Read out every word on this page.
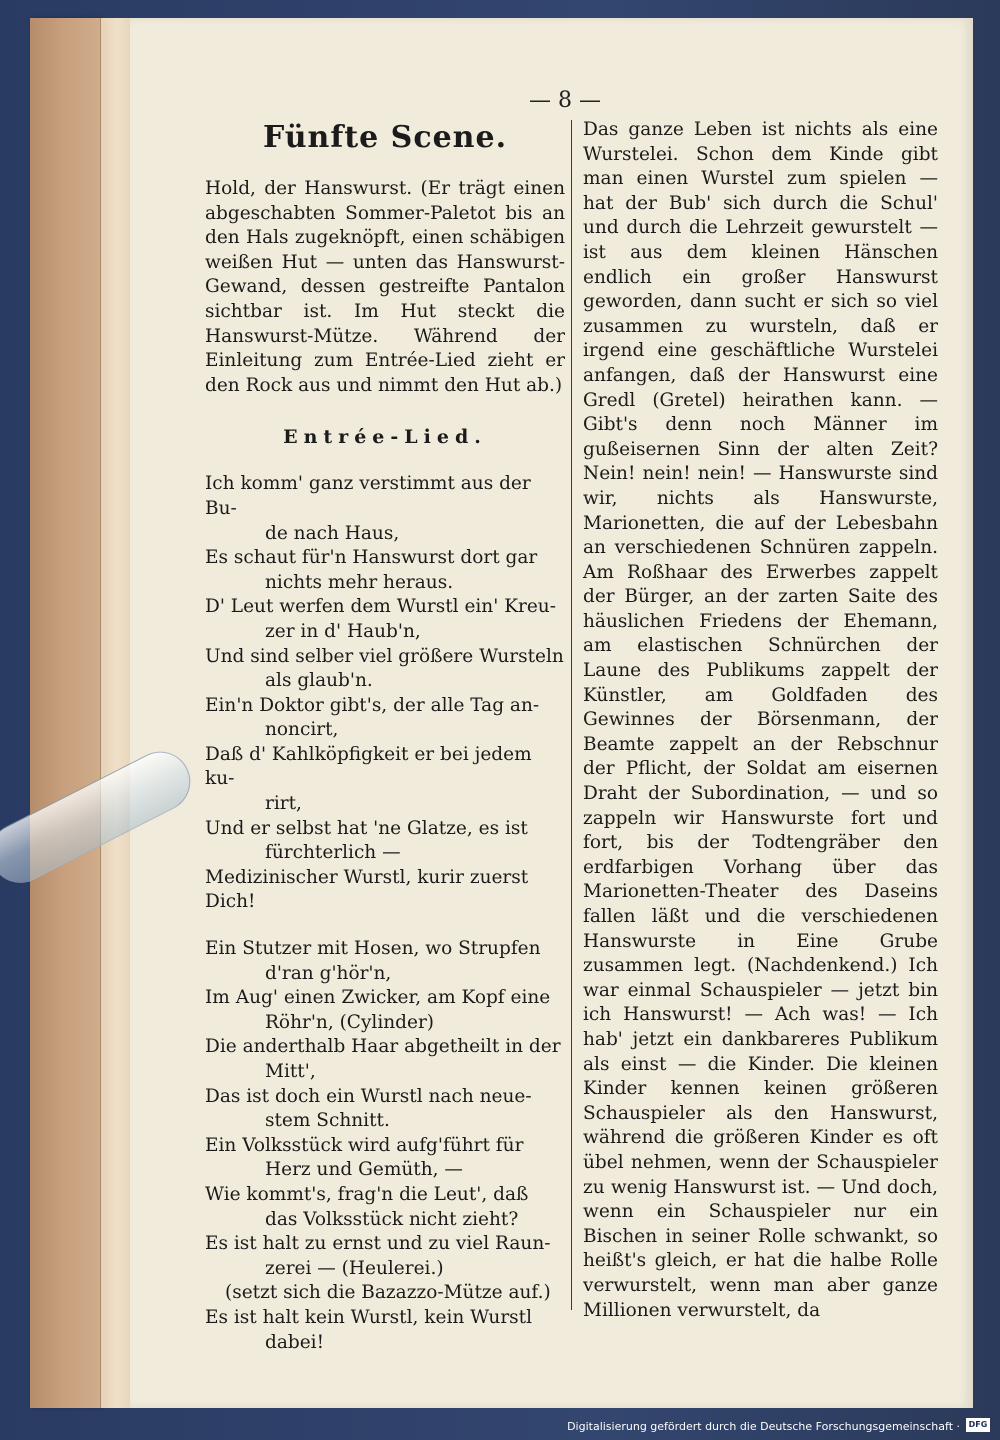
— 8 —
Fünfte Scene.

Hold, der Hanswurst. (Er trägt einen abgeschabten Sommer-Paletot bis an den Hals zugeknöpft, einen schäbigen weißen Hut — unten das Hanswurst-Gewand, dessen gestreifte Pantalon sichtbar ist. Im Hut steckt die Hanswurst-Mütze. Während der Einleitung zum Entrée-Lied zieht er den Rock aus und nimmt den Hut ab.)

Entrée-Lied.

Ich komm' ganz verstimmt aus der Bu-

de nach Haus,

Es schaut für'n Hanswurst dort gar

nichts mehr heraus.

D' Leut werfen dem Wurstl ein' Kreu-

zer in d' Haub'n,

Und sind selber viel größere Wursteln

als glaub'n.

Ein'n Doktor gibt's, der alle Tag an-

noncirt,

Daß d' Kahlköpfigkeit er bei jedem ku-

rirt,

Und er selbst hat 'ne Glatze, es ist

fürchterlich —

Medizinischer Wurstl, kurir zuerst Dich!

Ein Stutzer mit Hosen, wo Strupfen

d'ran g'hör'n,

Im Aug' einen Zwicker, am Kopf eine

Röhr'n, (Cylinder)

Die anderthalb Haar abgetheilt in der

Mitt',

Das ist doch ein Wurstl nach neue-

stem Schnitt.

Ein Volksstück wird aufg'führt für

Herz und Gemüth, —

Wie kommt's, frag'n die Leut', daß

das Volksstück nicht zieht?

Es ist halt zu ernst und zu viel Raun-

zerei — (Heulerei.)

(setzt sich die Bazazzo-Mütze auf.)

Es ist halt kein Wurstl, kein Wurstl

dabei!

Das ganze Leben ist nichts als eine Wurstelei. Schon dem Kinde gibt man einen Wurstel zum spielen — hat der Bub' sich durch die Schul' und durch die Lehrzeit gewurstelt — ist aus dem kleinen Hänschen endlich ein großer Hanswurst geworden, dann sucht er sich so viel zusammen zu wursteln, daß er irgend eine geschäftliche Wurstelei anfangen, daß der Hanswurst eine Gredl (Gretel) heirathen kann. — Gibt's denn noch Männer im gußeisernen Sinn der alten Zeit? Nein! nein! nein! — Hanswurste sind wir, nichts als Hanswurste, Marionetten, die auf der Lebesbahn an verschiedenen Schnüren zappeln. Am Roßhaar des Erwerbes zappelt der Bürger, an der zarten Saite des häuslichen Friedens der Ehemann, am elastischen Schnürchen der Laune des Publikums zappelt der Künstler, am Goldfaden des Gewinnes der Börsenmann, der Beamte zappelt an der Rebschnur der Pflicht, der Soldat am eisernen Draht der Subordination, — und so zappeln wir Hanswurste fort und fort, bis der Todtengräber den erdfarbigen Vorhang über das Marionetten-Theater des Daseins fallen läßt und die verschiedenen Hanswurste in Eine Grube zusammen legt. (Nachdenkend.) Ich war einmal Schauspieler — jetzt bin ich Hanswurst! — Ach was! — Ich hab' jetzt ein dankbareres Publikum als einst — die Kinder. Die kleinen Kinder kennen keinen größeren Schauspieler als den Hanswurst, während die größeren Kinder es oft übel nehmen, wenn der Schauspieler zu wenig Hanswurst ist. — Und doch, wenn ein Schauspieler nur ein Bischen in seiner Rolle schwankt, so heißt's gleich, er hat die halbe Rolle verwurstelt, wenn man aber ganze Millionen verwurstelt, da

Digitalisierung gefördert durch die Deutsche Forschungsgemeinschaft ·	DFG
